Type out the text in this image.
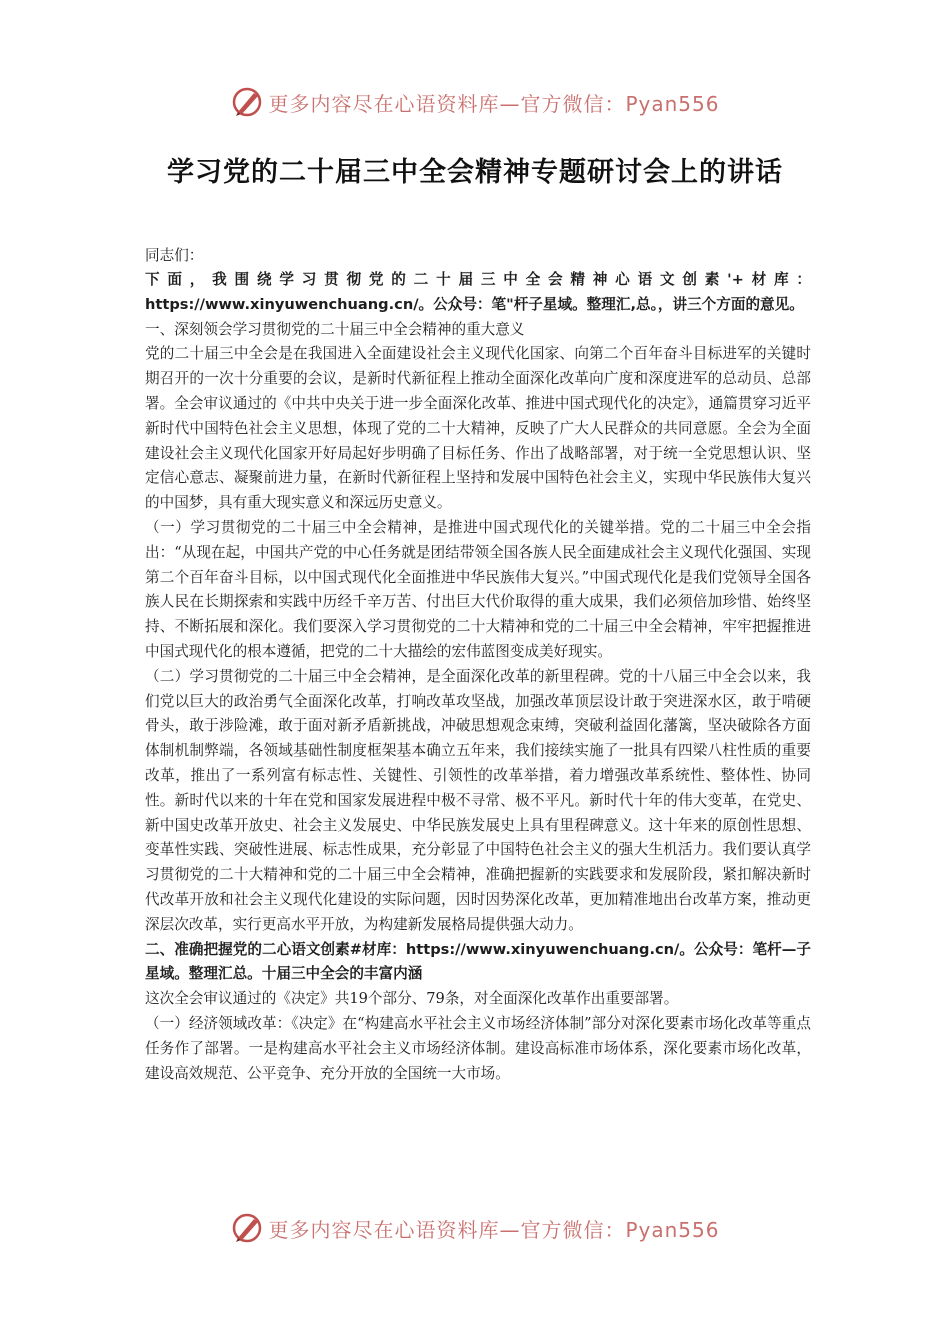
更多内容尽在心语资料库—官方微信：Pyan556
学习党的二十届三中全会精神专题研讨会上的讲话

同志们：

下面，我围绕学习贯彻党的二十届三中全会精神心语文创素'+材库：https://www.xinyuwenchuang.cn/。公众号：笔"杆子星域。整理汇,总。，讲三个方面的意见。

一、深刻领会学习贯彻党的二十届三中全会精神的重大意义

党的二十届三中全会是在我国进入全面建设社会主义现代化国家、向第二个百年奋斗目标进军的关键时期召开的一次十分重要的会议，是新时代新征程上推动全面深化改革向广度和深度进军的总动员、总部署。全会审议通过的《中共中央关于进一步全面深化改革、推进中国式现代化的决定》，通篇贯穿习近平新时代中国特色社会主义思想，体现了党的二十大精神，反映了广大人民群众的共同意愿。全会为全面建设社会主义现代化国家开好局起好步明确了目标任务、作出了战略部署，对于统一全党思想认识、坚定信心意志、凝聚前进力量，在新时代新征程上坚持和发展中国特色社会主义，实现中华民族伟大复兴的中国梦，具有重大现实意义和深远历史意义。

（一）学习贯彻党的二十届三中全会精神，是推进中国式现代化的关键举措。党的二十届三中全会指出：“从现在起，中国共产党的中心任务就是团结带领全国各族人民全面建成社会主义现代化强国、实现第二个百年奋斗目标，以中国式现代化全面推进中华民族伟大复兴。”中国式现代化是我们党领导全国各族人民在长期探索和实践中历经千辛万苦、付出巨大代价取得的重大成果，我们必须倍加珍惜、始终坚持、不断拓展和深化。我们要深入学习贯彻党的二十大精神和党的二十届三中全会精神，牢牢把握推进中国式现代化的根本遵循，把党的二十大描绘的宏伟蓝图变成美好现实。

（二）学习贯彻党的二十届三中全会精神，是全面深化改革的新里程碑。党的十八届三中全会以来，我们党以巨大的政治勇气全面深化改革，打响改革攻坚战，加强改革顶层设计敢于突进深水区，敢于啃硬骨头，敢于涉险滩，敢于面对新矛盾新挑战，冲破思想观念束缚，突破利益固化藩篱，坚决破除各方面体制机制弊端，各领域基础性制度框架基本确立五年来，我们接续实施了一批具有四梁八柱性质的重要改革，推出了一系列富有标志性、关键性、引领性的改革举措，着力增强改革系统性、整体性、协同性。新时代以来的十年在党和国家发展进程中极不寻常、极不平凡。新时代十年的伟大变革，在党史、新中国史改革开放史、社会主义发展史、中华民族发展史上具有里程碑意义。这十年来的原创性思想、变革性实践、突破性进展、标志性成果，充分彰显了中国特色社会主义的强大生机活力。我们要认真学习贯彻党的二十大精神和党的二十届三中全会精神，准确把握新的实践要求和发展阶段，紧扣解决新时代改革开放和社会主义现代化建设的实际问题，因时因势深化改革，更加精准地出台改革方案，推动更深层次改革，实行更高水平开放，为构建新发展格局提供强大动力。

二、准确把握党的二心语文创素#材库：https://www.xinyuwenchuang.cn/。公众号：笔杆—子星域。整理汇总。十届三中全会的丰富内涵

这次全会审议通过的《决定》共19个部分、79条，对全面深化改革作出重要部署。

（一）经济领域改革：《决定》在“构建高水平社会主义市场经济体制”部分对深化要素市场化改革等重点任务作了部署。一是构建高水平社会主义市场经济体制。建设高标准市场体系，深化要素市场化改革，建设高效规范、公平竞争、充分开放的全国统一大市场。

更多内容尽在心语资料库—官方微信：Pyan556
